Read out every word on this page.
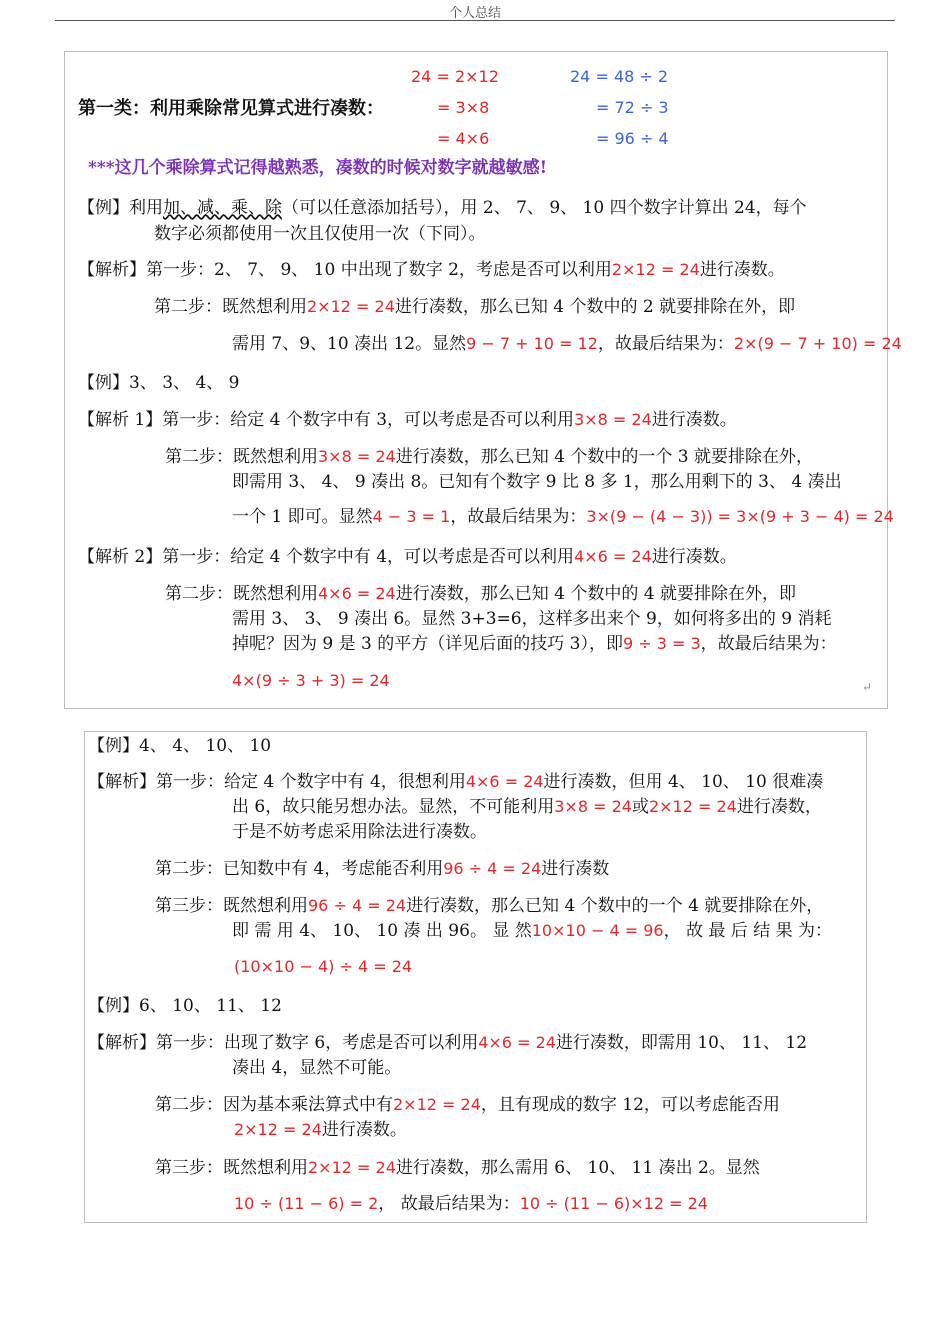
个人总结
24 = 2×12
= 3×8
= 4×6
24 = 48 ÷ 2
= 72 ÷ 3
= 96 ÷ 4
第一类：利用乘除常见算式进行凑数：
***这几个乘除算式记得越熟悉，凑数的时候对数字就越敏感!
【例】利用加、减、乘、除（可以任意添加括号），用 2、 7、 9、 10 四个数字计算出 24，每个
数字必须都使用一次且仅使用一次（下同）。
【解析】第一步：2、 7、 9、 10 中出现了数字 2，考虑是否可以利用2×12 = 24进行凑数。
第二步：既然想利用2×12 = 24进行凑数，那么已知 4 个数中的 2 就要排除在外，即
需用 7、9、10 凑出 12。显然9 − 7 + 10 = 12，故最后结果为：2×(9 − 7 + 10) = 24
【例】3、 3、 4、 9
【解析 1】第一步：给定 4 个数字中有 3，可以考虑是否可以利用3×8 = 24进行凑数。
第二步：既然想利用3×8 = 24进行凑数，那么已知 4 个数中的一个 3 就要排除在外，
即需用 3、 4、 9 凑出 8。已知有个数字 9 比 8 多 1，那么用剩下的 3、 4 凑出
一个 1 即可。显然4 − 3 = 1，故最后结果为：3×(9 − (4 − 3)) = 3×(9 + 3 − 4) = 24
【解析 2】第一步：给定 4 个数字中有 4，可以考虑是否可以利用4×6 = 24进行凑数。
第二步：既然想利用4×6 = 24进行凑数，那么已知 4 个数中的 4 就要排除在外，即
需用 3、 3、 9 凑出 6。显然 3+3=6，这样多出来个 9，如何将多出的 9 消耗
掉呢？因为 9 是 3 的平方（详见后面的技巧 3），即9 ÷ 3 = 3，故最后结果为：
4×(9 ÷ 3 + 3) = 24	↵
【例】4、 4、 10、 10
【解析】第一步：给定 4 个数字中有 4，很想利用4×6 = 24进行凑数，但用 4、 10、 10 很难凑
出 6，故只能另想办法。显然，不可能利用3×8 = 24或2×12 = 24进行凑数，
于是不妨考虑采用除法进行凑数。
第二步：已知数中有 4，考虑能否利用96 ÷ 4 = 24进行凑数
第三步：既然想利用96 ÷ 4 = 24进行凑数，那么已知 4 个数中的一个 4 就要排除在外，
即 需 用 4、 10、 10 凑 出 96。 显 然10×10 − 4 = 96， 故 最 后 结 果 为：
(10×10 − 4) ÷ 4 = 24
【例】6、 10、 11、 12
【解析】第一步：出现了数字 6，考虑是否可以利用4×6 = 24进行凑数，即需用 10、 11、 12
凑出 4，显然不可能。
第二步：因为基本乘法算式中有2×12 = 24，且有现成的数字 12，可以考虑能否用
2×12 = 24进行凑数。
第三步：既然想利用2×12 = 24进行凑数，那么需用 6、 10、 11 凑出 2。显然
10 ÷ (11 − 6) = 2， 故最后结果为：10 ÷ (11 − 6)×12 = 24
